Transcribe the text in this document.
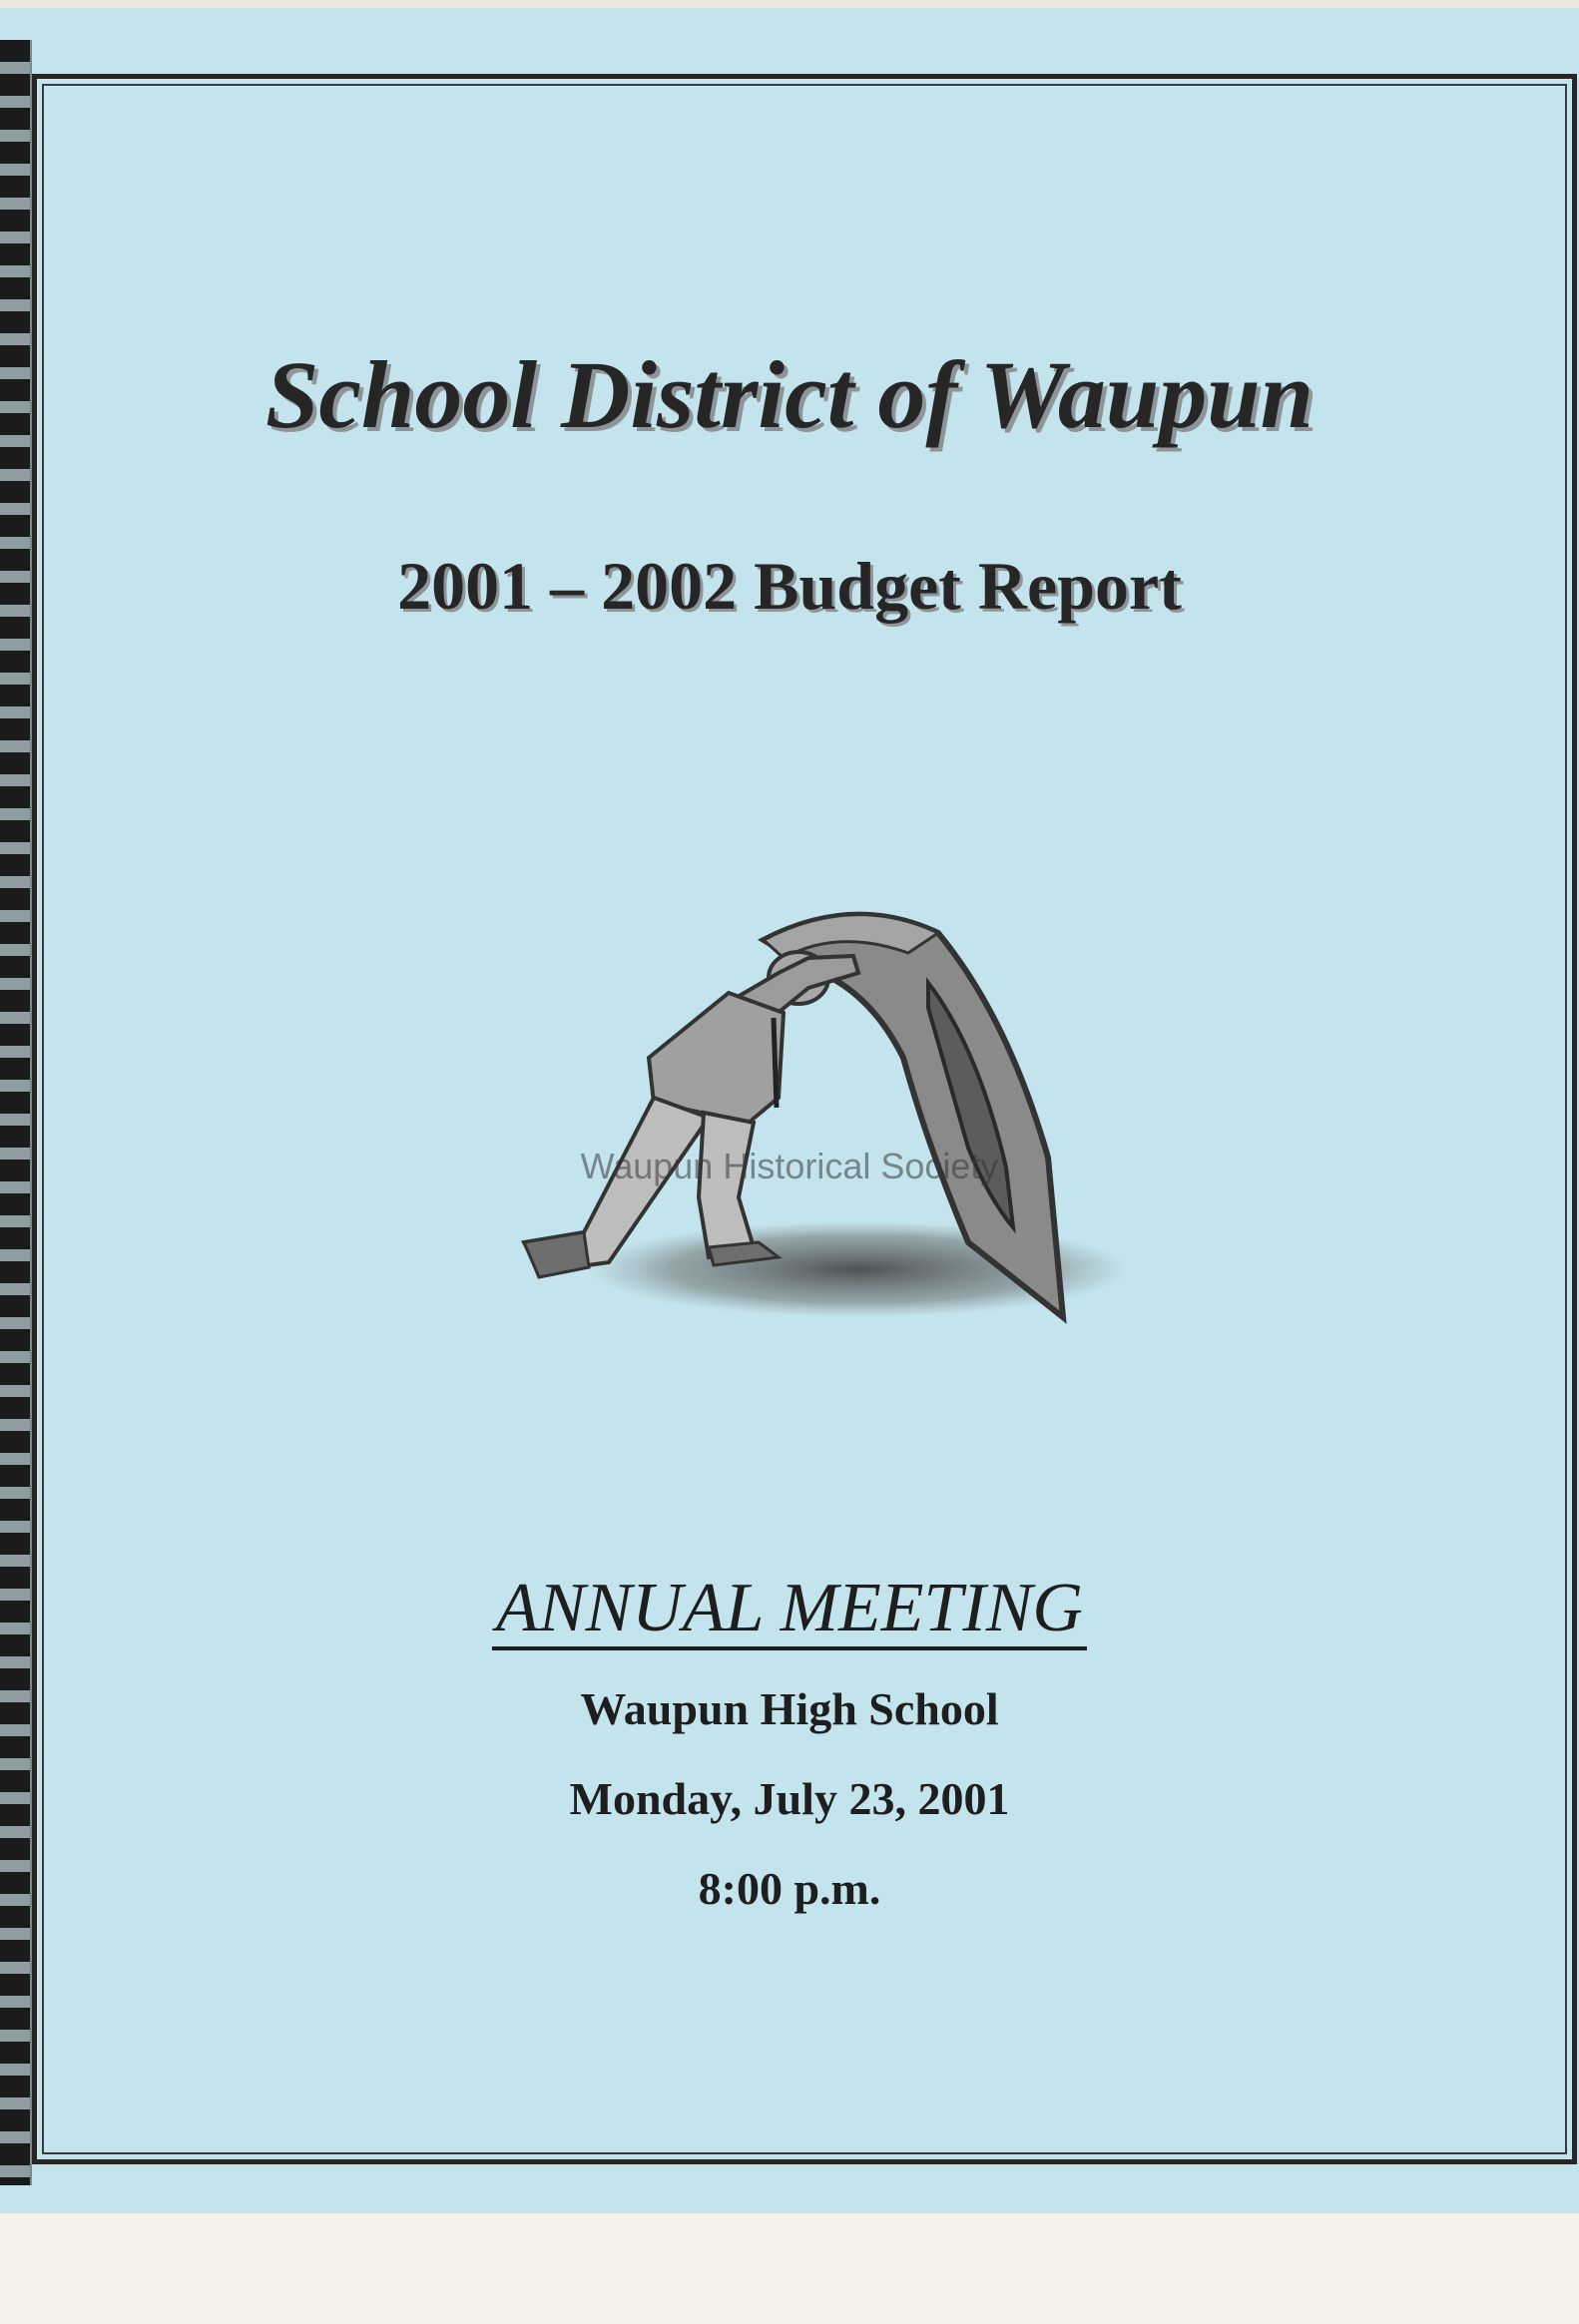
School District of Waupun
2001 – 2002 Budget Report
Waupun Historical Society
ANNUAL MEETING
Waupun High School
Monday, July 23, 2001
8:00 p.m.
